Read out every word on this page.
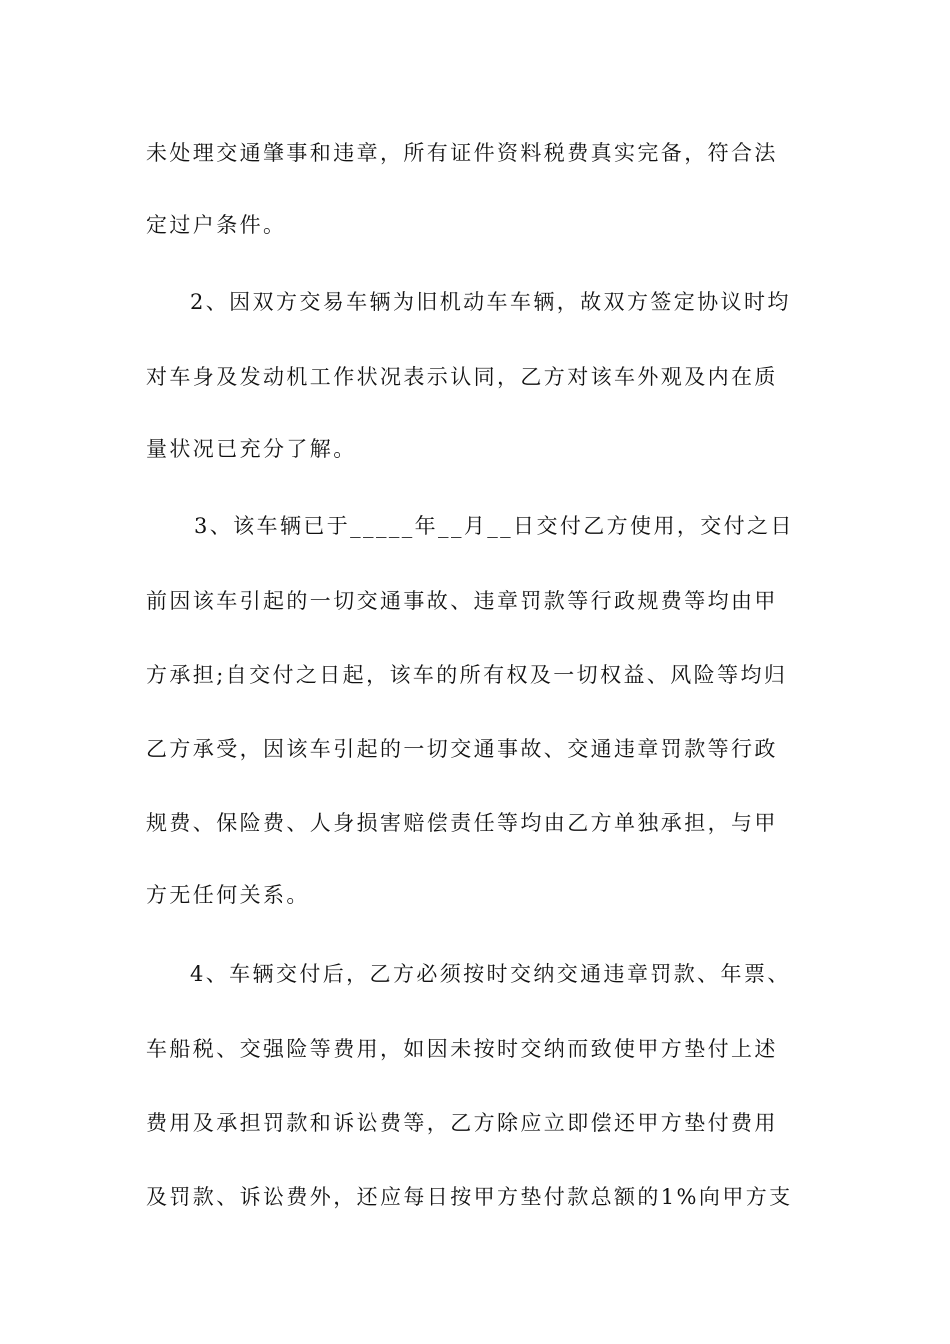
未处理交通肇事和违章，所有证件资料税费真实完备，符合法
定过户条件。
2、因双方交易车辆为旧机动车车辆，故双方签定协议时均
对车身及发动机工作状况表示认同，乙方对该车外观及内在质
量状况已充分了解。
3、该车辆已于_____年__月__日交付乙方使用，交付之日
前因该车引起的一切交通事故、违章罚款等行政规费等均由甲
方承担;自交付之日起，该车的所有权及一切权益、风险等均归
乙方承受，因该车引起的一切交通事故、交通违章罚款等行政
规费、保险费、人身损害赔偿责任等均由乙方单独承担，与甲
方无任何关系。
4、车辆交付后，乙方必须按时交纳交通违章罚款、年票、
车船税、交强险等费用，如因未按时交纳而致使甲方垫付上述
费用及承担罚款和诉讼费等，乙方除应立即偿还甲方垫付费用
及罚款、诉讼费外，还应每日按甲方垫付款总额的1%向甲方支
